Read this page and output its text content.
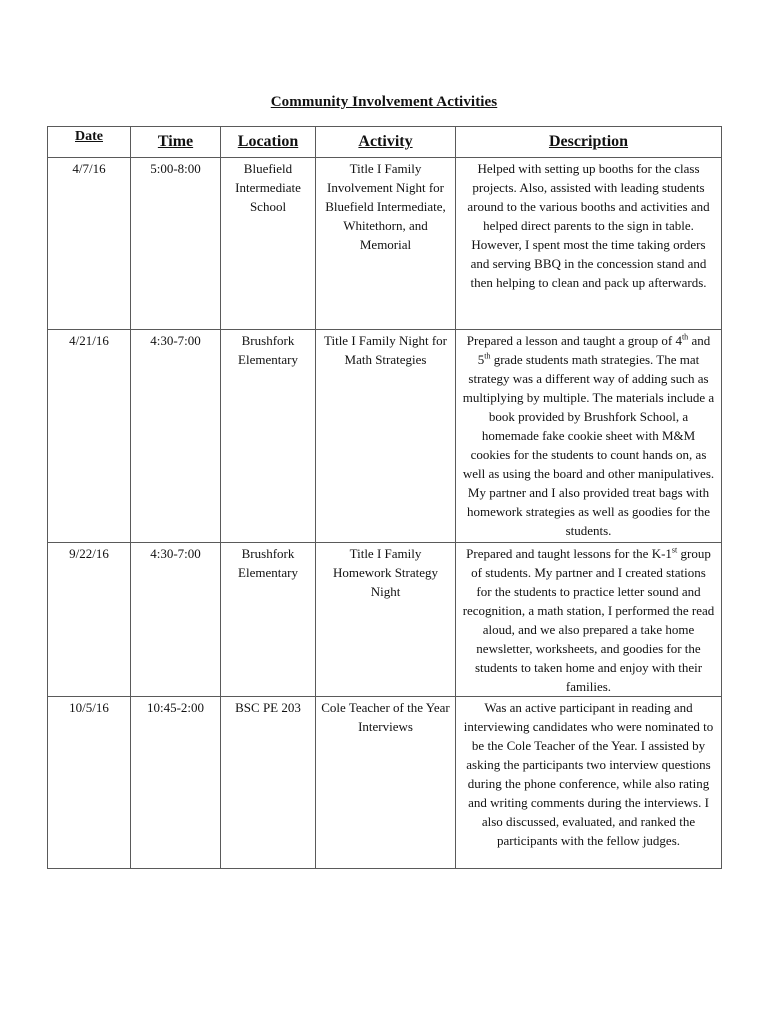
Community Involvement Activities
Date	Time	Location	Activity	Description
4/7/16	5:00-8:00	Bluefield Intermediate School	Title I Family Involvement Night for Bluefield Intermediate, Whitethorn, and Memorial	Helped with setting up booths for the class projects. Also, assisted with leading students around to the various booths and activities and helped direct parents to the sign in table. However, I spent most the time taking orders and serving BBQ in the concession stand and then helping to clean and pack up afterwards.
4/21/16	4:30-7:00	Brushfork Elementary	Title I Family Night for Math Strategies	Prepared a lesson and taught a group of 4th and 5th grade students math strategies. The mat strategy was a different way of adding such as multiplying by multiple. The materials include a book provided by Brushfork School, a homemade fake cookie sheet with M&M cookies for the students to count hands on, as well as using the board and other manipulatives. My partner and I also provided treat bags with homework strategies as well as goodies for the students.
9/22/16	4:30-7:00	Brushfork Elementary	Title I Family Homework Strategy Night	Prepared and taught lessons for the K-1st group of students. My partner and I created stations for the students to practice letter sound and recognition, a math station, I performed the read aloud, and we also prepared a take home newsletter, worksheets, and goodies for the students to taken home and enjoy with their families.
10/5/16	10:45-2:00	BSC PE 203	Cole Teacher of the Year Interviews	Was an active participant in reading and interviewing candidates who were nominated to be the Cole Teacher of the Year. I assisted by asking the participants two interview questions during the phone conference, while also rating and writing comments during the interviews. I also discussed, evaluated, and ranked the participants with the fellow judges.
